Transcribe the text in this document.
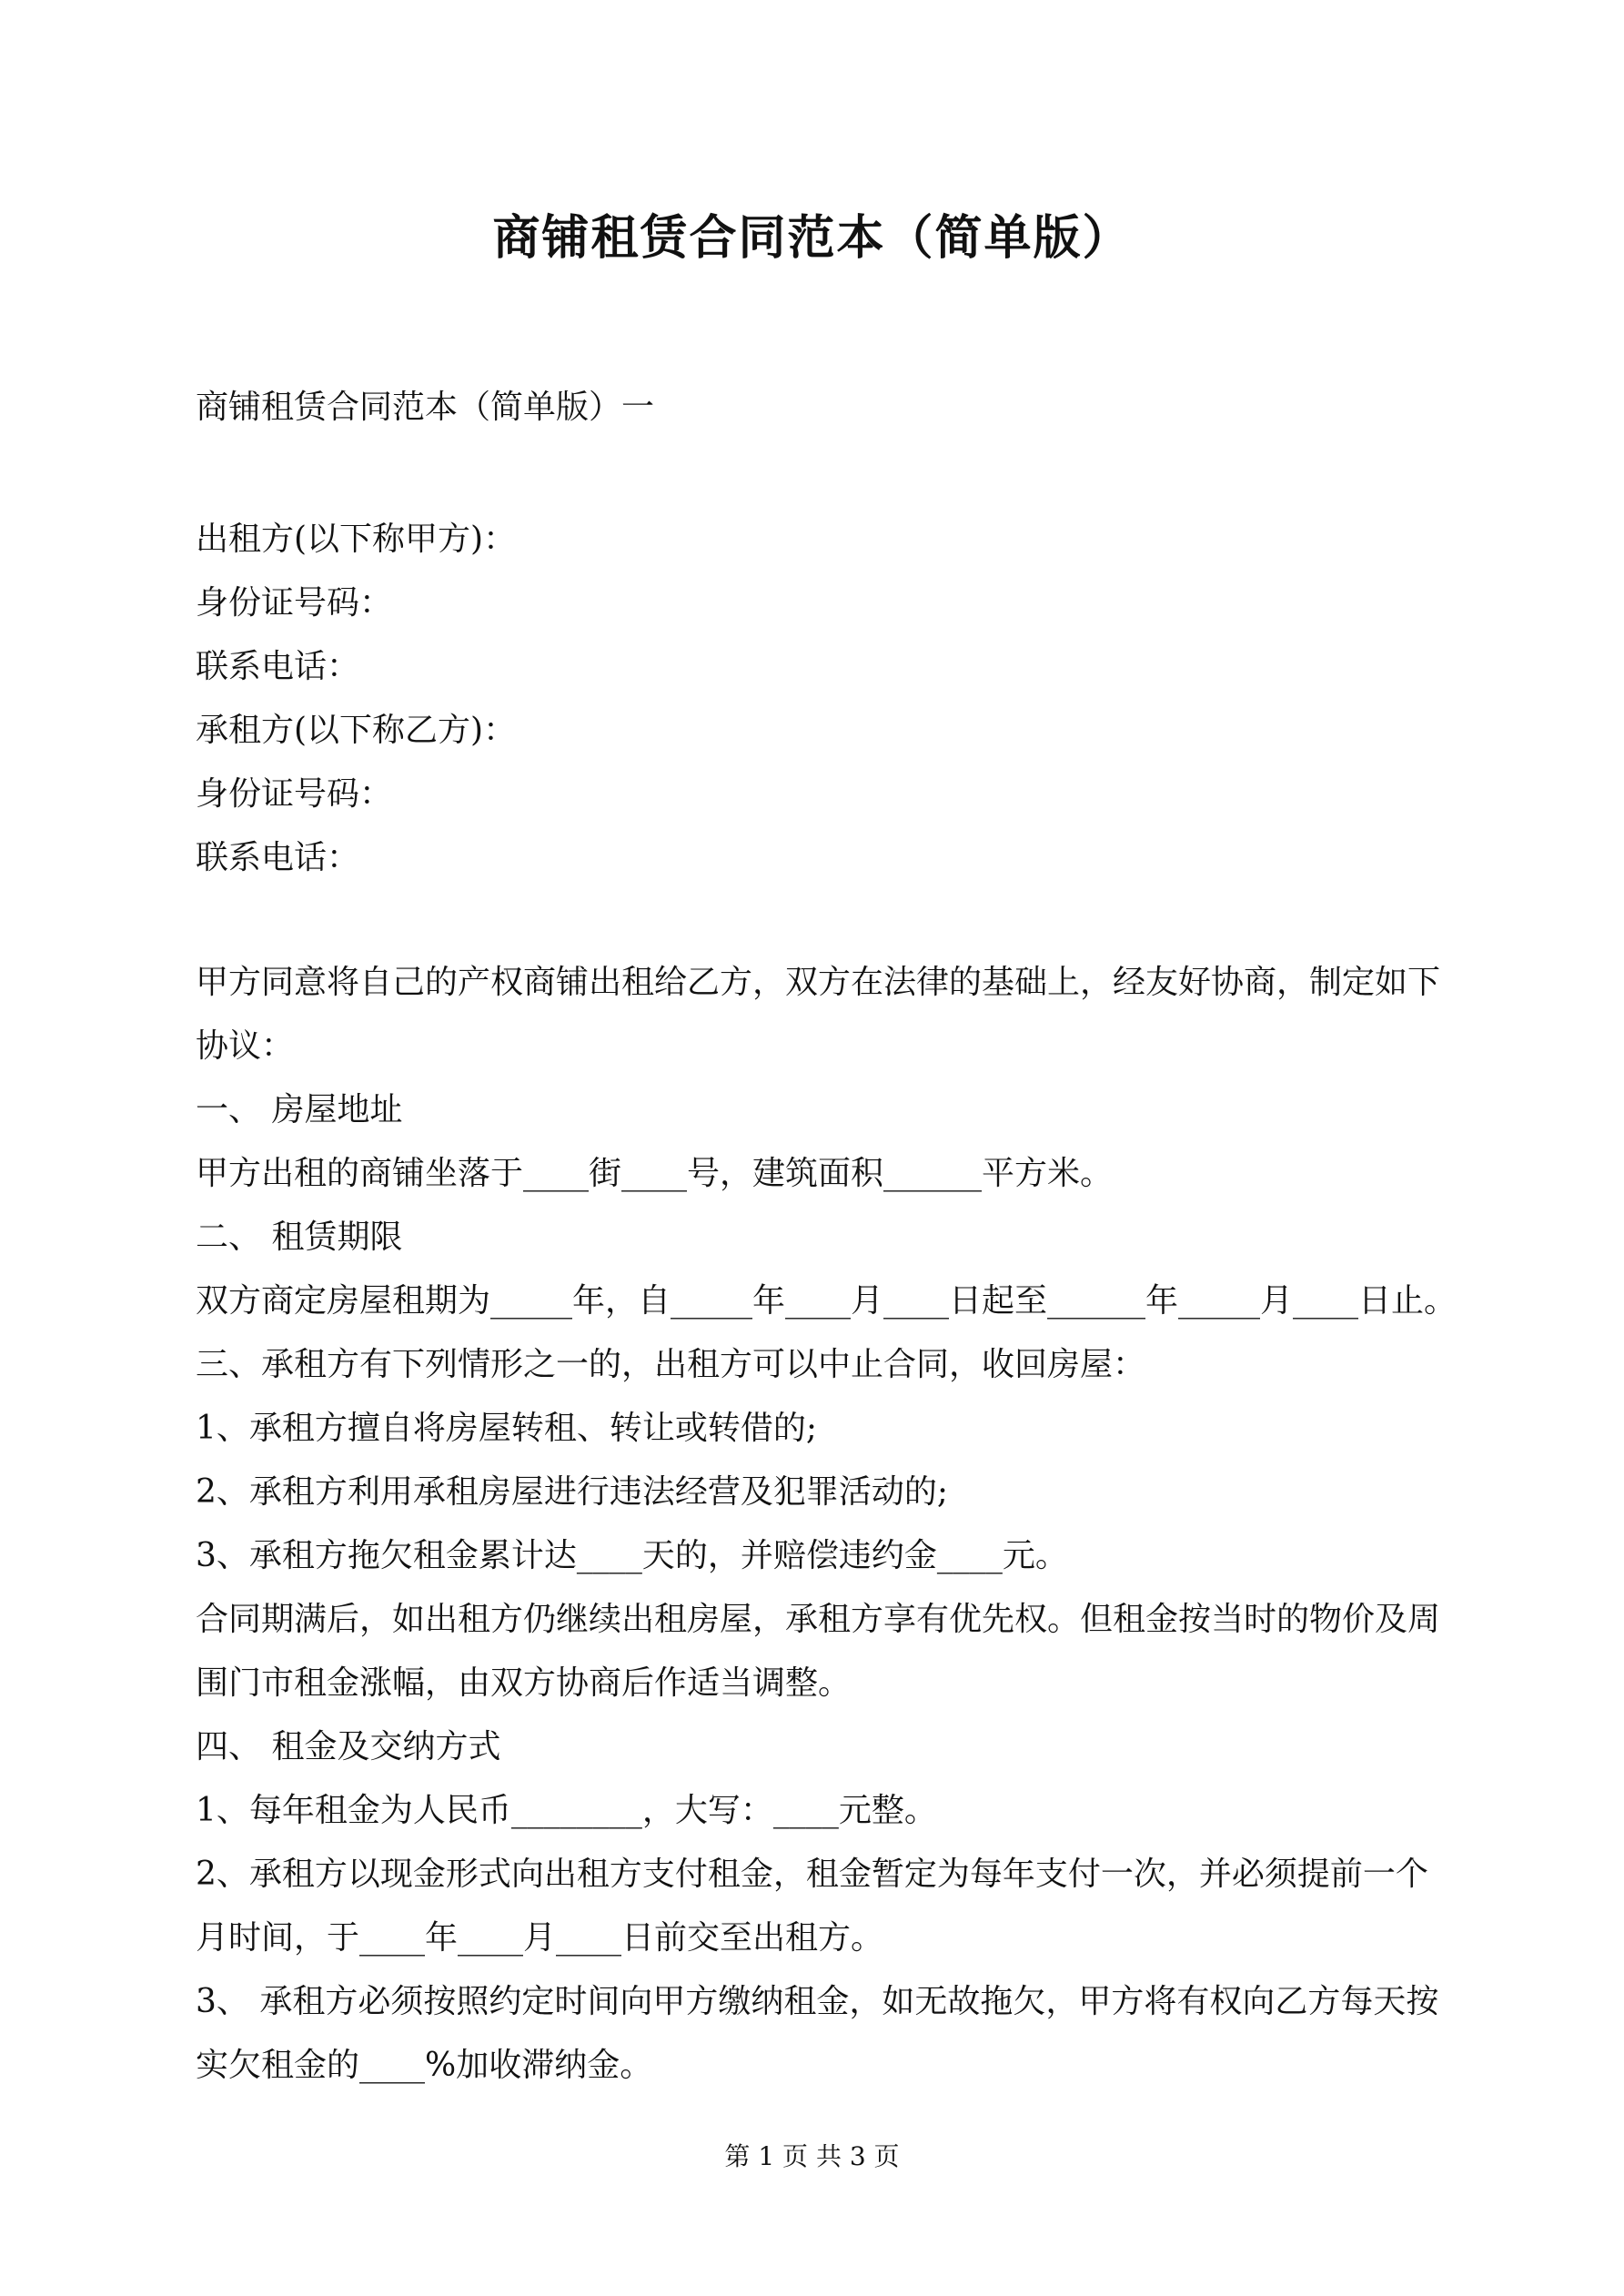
商铺租赁合同范本（简单版）
商铺租赁合同范本（简单版）一
出租方(以下称甲方)：
身份证号码：
联系电话：
承租方(以下称乙方)：
身份证号码：
联系电话：
甲方同意将自己的产权商铺出租给乙方，双方在法律的基础上，经友好协商，制定如下
协议：
一、 房屋地址
甲方出租的商铺坐落于____街____号，建筑面积______平方米。
二、 租赁期限
双方商定房屋租期为_____年，自_____年____月____日起至______年_____月____日止。
三、承租方有下列情形之一的，出租方可以中止合同，收回房屋：
1、承租方擅自将房屋转租、转让或转借的;
2、承租方利用承租房屋进行违法经营及犯罪活动的;
3、承租方拖欠租金累计达____天的，并赔偿违约金____元。
合同期满后，如出租方仍继续出租房屋，承租方享有优先权。但租金按当时的物价及周
围门市租金涨幅，由双方协商后作适当调整。
四、 租金及交纳方式
1、每年租金为人民币________，大写：____元整。
2、承租方以现金形式向出租方支付租金，租金暂定为每年支付一次，并必须提前一个
月时间，于____年____月____日前交至出租方。
3、 承租方必须按照约定时间向甲方缴纳租金，如无故拖欠，甲方将有权向乙方每天按
实欠租金的____%加收滞纳金。
第 1 页 共 3 页
